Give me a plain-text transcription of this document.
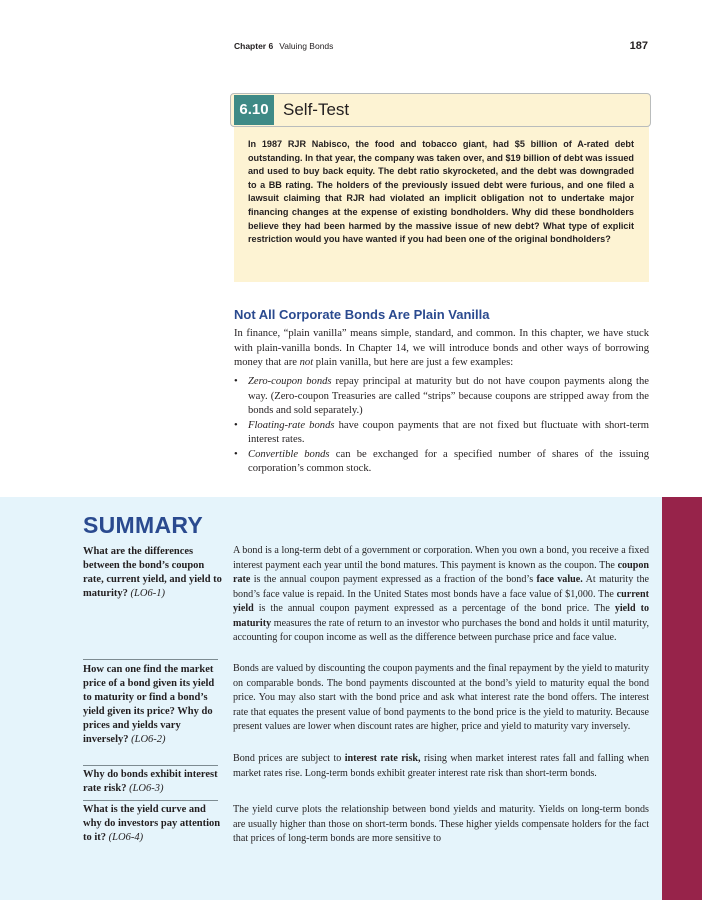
Chapter 6 Valuing Bonds	187
6.10 Self-Test
In 1987 RJR Nabisco, the food and tobacco giant, had $5 billion of A-rated debt outstanding. In that year, the company was taken over, and $19 billion of debt was issued and used to buy back equity. The debt ratio skyrocketed, and the debt was downgraded to a BB rating. The holders of the previously issued debt were furious, and one filed a lawsuit claiming that RJR had violated an implicit obligation not to undertake major financing changes at the expense of existing bondholders. Why did these bondholders believe they had been harmed by the massive issue of new debt? What type of explicit restriction would you have wanted if you had been one of the original bondholders?
Not All Corporate Bonds Are Plain Vanilla

In finance, “plain vanilla” means simple, standard, and common. In this chapter, we have stuck with plain-vanilla bonds. In Chapter 14, we will introduce bonds and other ways of borrowing money that are not plain vanilla, but here are just a few examples:

• Zero-coupon bonds repay principal at maturity but do not have coupon payments along the way. (Zero-coupon Treasuries are called “strips” because coupons are stripped away from the bonds and sold separately.)
• Floating-rate bonds have coupon payments that are not fixed but fluctuate with short-term interest rates.
• Convertible bonds can be exchanged for a specified number of shares of the issuing corporation’s common stock.
SUMMARY
What are the differences between the bond’s coupon rate, current yield, and yield to maturity? (LO6-1)

A bond is a long-term debt of a government or corporation. When you own a bond, you receive a fixed interest payment each year until the bond matures. This payment is known as the coupon. The coupon rate is the annual coupon payment expressed as a fraction of the bond’s face value. At maturity the bond’s face value is repaid. In the United States most bonds have a face value of $1,000. The current yield is the annual coupon payment expressed as a percentage of the bond price. The yield to maturity measures the rate of return to an investor who purchases the bond and holds it until maturity, accounting for coupon income as well as the difference between purchase price and face value.

How can one find the market price of a bond given its yield to maturity or find a bond’s yield given its price? Why do prices and yields vary inversely? (LO6-2)

Bonds are valued by discounting the coupon payments and the final repayment by the yield to maturity on comparable bonds. The bond payments discounted at the bond’s yield to maturity equal the bond price. You may also start with the bond price and ask what interest rate the bond offers. The interest rate that equates the present value of bond payments to the bond price is the yield to maturity. Because present values are lower when discount rates are higher, price and yield to maturity vary inversely.

Why do bonds exhibit interest rate risk? (LO6-3)

Bond prices are subject to interest rate risk, rising when market interest rates fall and falling when market rates rise. Long-term bonds exhibit greater interest rate risk than short-term bonds.

What is the yield curve and why do investors pay attention to it? (LO6-4)

The yield curve plots the relationship between bond yields and maturity. Yields on long-term bonds are usually higher than those on short-term bonds. These higher yields compensate holders for the fact that prices of long-term bonds are more sensitive to
